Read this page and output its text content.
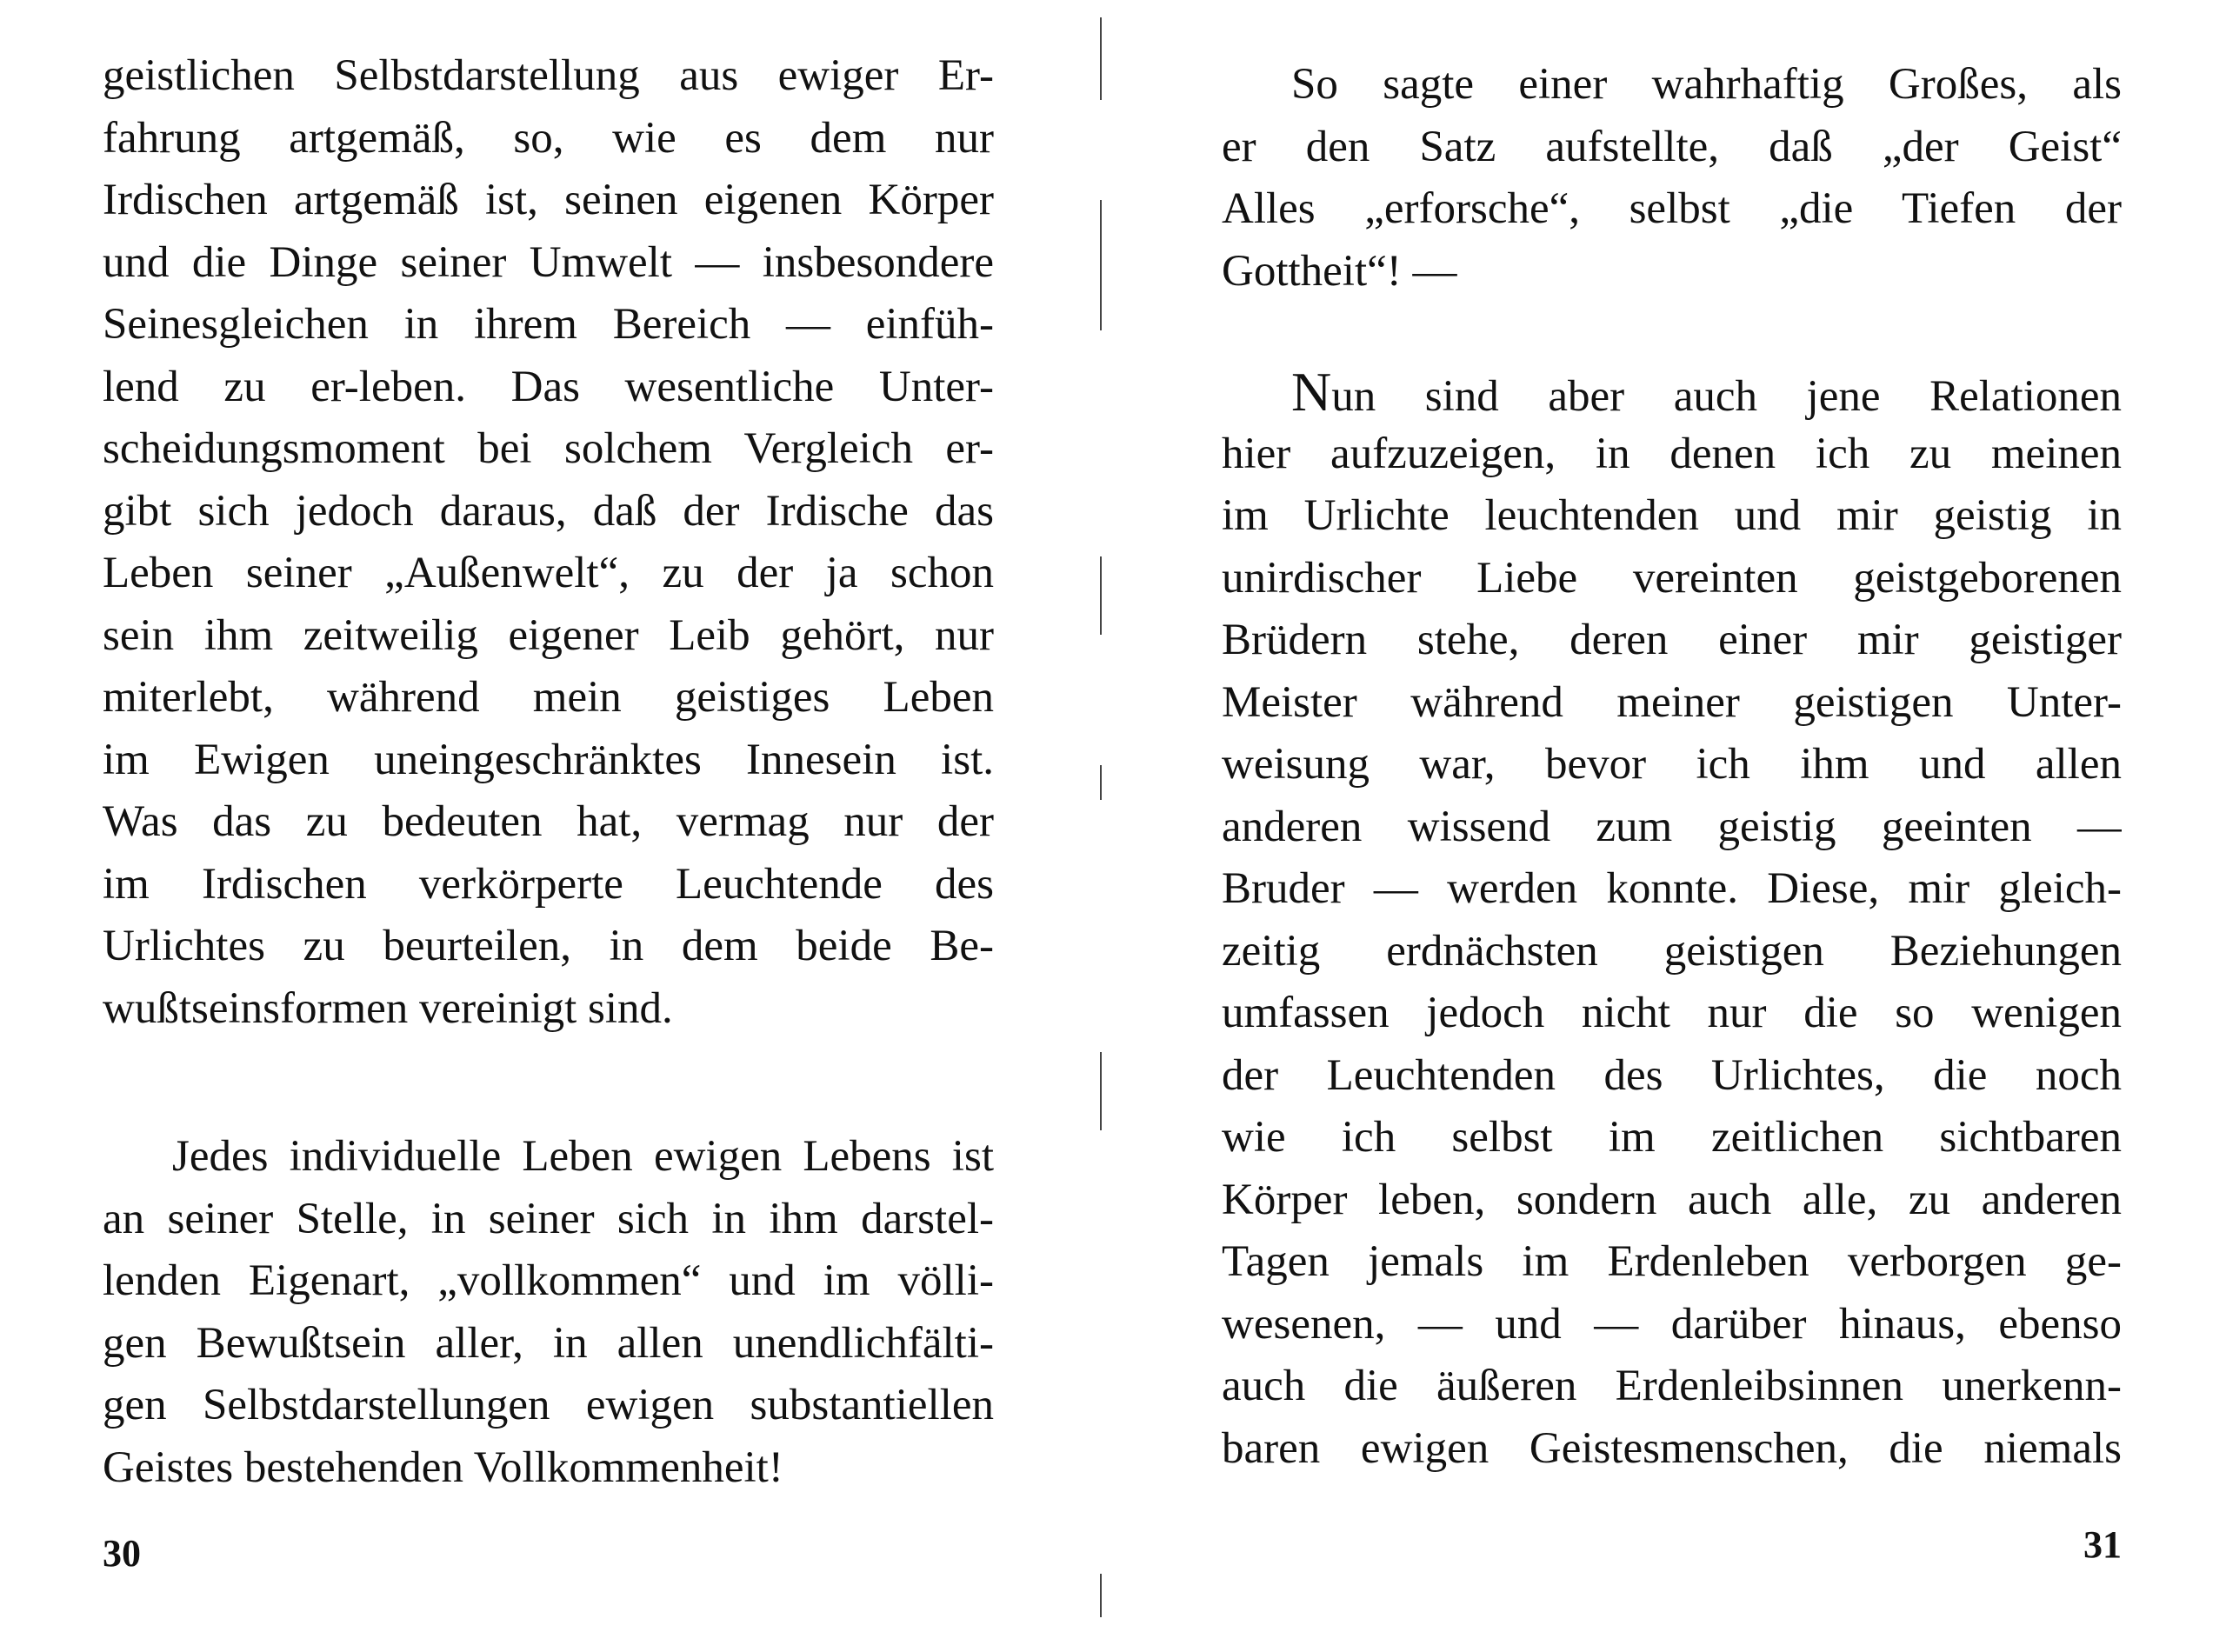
geistlichen Selbstdarstellung aus ewiger Er-
fahrung artgemäß, so, wie es dem nur
Irdischen artgemäß ist, seinen eigenen Körper
und die Dinge seiner Umwelt — insbesondere
Seinesgleichen in ihrem Bereich — einfüh-
lend zu er-leben. Das wesentliche Unter-
scheidungsmoment bei solchem Vergleich er-
gibt sich jedoch daraus, daß der Irdische das
Leben seiner „Außenwelt“, zu der ja schon
sein ihm zeitweilig eigener Leib gehört, nur
miterlebt, während mein geistiges Leben
im Ewigen uneingeschränktes Innesein ist.
Was das zu bedeuten hat, vermag nur der
im Irdischen verkörperte Leuchtende des
Urlichtes zu beurteilen, in dem beide Be-
wußtseinsformen vereinigt sind.
Jedes individuelle Leben ewigen Lebens ist
an seiner Stelle, in seiner sich in ihm darstel-
lenden Eigenart, „vollkommen“ und im völli-
gen Bewußtsein aller, in allen unendlichfälti-
gen Selbstdarstellungen ewigen substantiellen
Geistes bestehenden Vollkommenheit!
30
So sagte einer wahrhaftig Großes, als
er den Satz aufstellte, daß „der Geist“
Alles „erforsche“, selbst „die Tiefen der
Gottheit“! —
Nun sind aber auch jene Relationen
hier aufzuzeigen, in denen ich zu meinen
im Urlichte leuchtenden und mir geistig in
unirdischer Liebe vereinten geistgeborenen
Brüdern stehe, deren einer mir geistiger
Meister während meiner geistigen Unter-
weisung war, bevor ich ihm und allen
anderen wissend zum geistig geeinten —
Bruder — werden konnte. Diese, mir gleich-
zeitig erdnächsten geistigen Beziehungen
umfassen jedoch nicht nur die so wenigen
der Leuchtenden des Urlichtes, die noch
wie ich selbst im zeitlichen sichtbaren
Körper leben, sondern auch alle, zu anderen
Tagen jemals im Erdenleben verborgen ge-
wesenen, — und — darüber hinaus, ebenso
auch die äußeren Erdenleibsinnen unerkenn-
baren ewigen Geistesmenschen, die niemals
31
